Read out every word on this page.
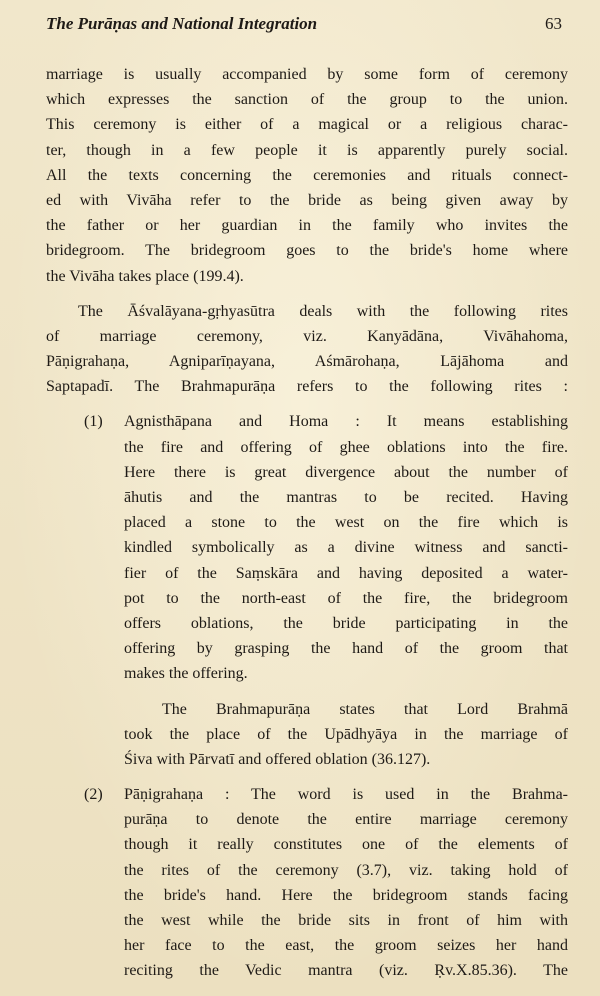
The Purāṇas and National Integration	63
marriage is usually accompanied by some form of ceremony
which expresses the sanction of the group to the union.
This ceremony is either of a magical or a religious charac-
ter, though in a few people it is apparently purely social.
All the texts concerning the ceremonies and rituals connect-
ed with Vivāha refer to the bride as being given away by
the father or her guardian in the family who invites the
bridegroom. The bridegroom goes to the bride's home where
the Vivāha takes place (199.4).
The Āśvalāyana-gṛhyasūtra deals with the following rites
of marriage ceremony, viz. Kanyādāna, Vivāhahoma,
Pāṇigrahaṇa, Agniparīṇayana, Aśmārohaṇa, Lājāhoma and
Saptapadī. The Brahmapurāṇa refers to the following rites :
(1) Agnisthāpana and Homa : It means establishing
the fire and offering of ghee oblations into the fire.
Here there is great divergence about the number of
āhutis and the mantras to be recited. Having
placed a stone to the west on the fire which is
kindled symbolically as a divine witness and sancti-
fier of the Saṃskāra and having deposited a water-
pot to the north-east of the fire, the bridegroom
offers oblations, the bride participating in the
offering by grasping the hand of the groom that
makes the offering.
The Brahmapurāṇa states that Lord Brahmā
took the place of the Upādhyāya in the marriage of
Śiva with Pārvatī and offered oblation (36.127).
(2) Pāṇigrahaṇa : The word is used in the Brahma-
purāṇa to denote the entire marriage ceremony
though it really constitutes one of the elements of
the rites of the ceremony (3.7), viz. taking hold of
the bride's hand. Here the bridegroom stands facing
the west while the bride sits in front of him with
her face to the east, the groom seizes her hand
reciting the Vedic mantra (viz. Ṛv.X.85.36). The
